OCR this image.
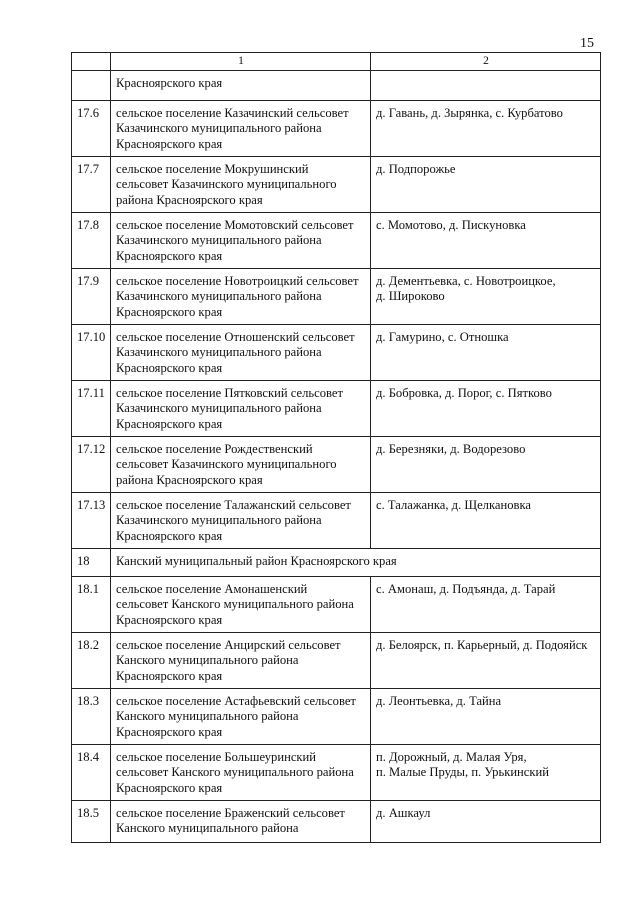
15
	1	2
	Красноярского края	
17.6	сельское поселение Казачинский сельсовет
Казачинского муниципального района
Красноярского края	д. Гавань, д. Зырянка, с. Курбатово
17.7	сельское поселение Мокрушинский
сельсовет Казачинского муниципального
района Красноярского края	д. Подпорожье
17.8	сельское поселение Момотовский сельсовет
Казачинского муниципального района
Красноярского края	с. Момотово, д. Пискуновка
17.9	сельское поселение Новотроицкий сельсовет
Казачинского муниципального района
Красноярского края	д. Дементьевка, с. Новотроицкое,
д. Широково
17.10	сельское поселение Отношенский сельсовет
Казачинского муниципального района
Красноярского края	д. Гамурино, с. Отношка
17.11	сельское поселение Пятковский сельсовет
Казачинского муниципального района
Красноярского края	д. Бобровка, д. Порог, с. Пятково
17.12	сельское поселение Рождественский
сельсовет Казачинского муниципального
района Красноярского края	д. Березняки, д. Водорезово
17.13	сельское поселение Талажанский сельсовет
Казачинского муниципального района
Красноярского края	с. Талажанка, д. Щелкановка
18	Канский муниципальный район Красноярского края	
18.1	сельское поселение Амонашенский
сельсовет Канского муниципального района
Красноярского края	с. Амонаш, д. Подъянда, д. Тарай
18.2	сельское поселение Анцирский сельсовет
Канского муниципального района
Красноярского края	д. Белоярск, п. Карьерный, д. Подояйск
18.3	сельское поселение Астафьевский сельсовет
Канского муниципального района
Красноярского края	д. Леонтьевка, д. Тайна
18.4	сельское поселение Большеуринский
сельсовет Канского муниципального района
Красноярского края	п. Дорожный, д. Малая Уря,
п. Малые Пруды, п. Урькинский
18.5	сельское поселение Браженский сельсовет
Канского муниципального района	д. Ашкаул
